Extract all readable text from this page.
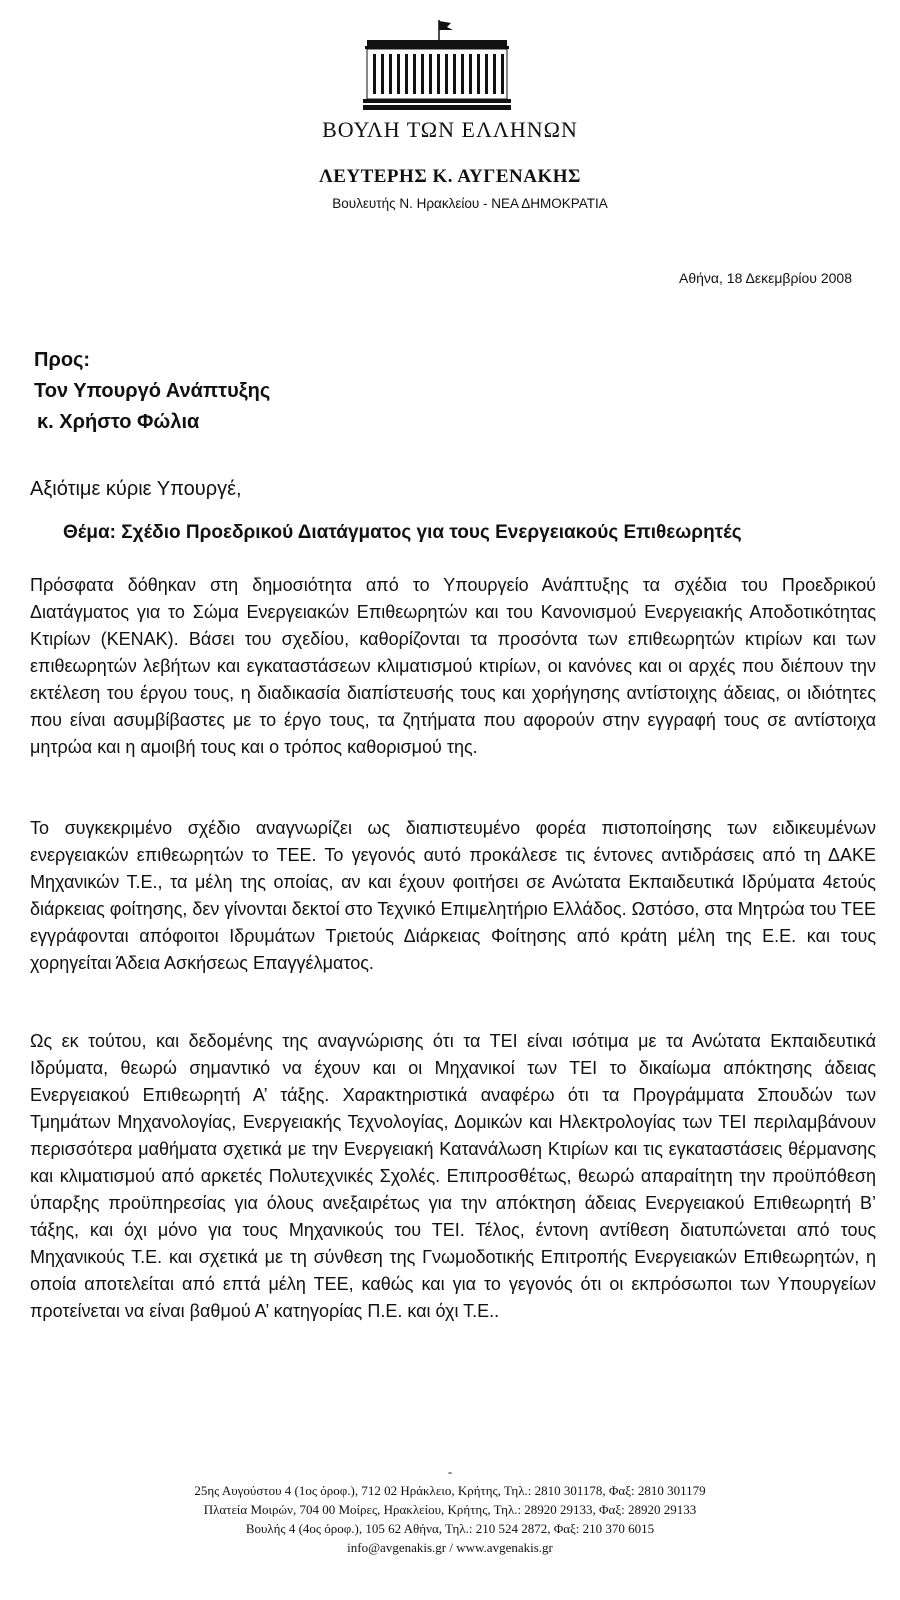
ΒΟΥΛΗ ΤΩΝ ΕΛΛΗΝΩΝ
ΛΕΥΤΕΡΗΣ Κ. ΑΥΓΕΝΑΚΗΣ
Βουλευτής Ν. Ηρακλείου - ΝΕΑ ΔΗΜΟΚΡΑΤΙΑ
Αθήνα, 18 Δεκεμβρίου 2008
Προς:
Τον Υπουργό Ανάπτυξης
κ. Χρήστο Φώλια
Αξιότιμε κύριε Υπουργέ,
Θέμα: Σχέδιο Προεδρικού Διατάγματος για τους Ενεργειακούς Επιθεωρητές
Πρόσφατα δόθηκαν στη δημοσιότητα από το Υπουργείο Ανάπτυξης τα σχέδια του Προεδρικού Διατάγματος για το Σώμα Ενεργειακών Επιθεωρητών και του Κανονισμού Ενεργειακής Αποδοτικότητας Κτιρίων (ΚΕΝΑΚ). Βάσει του σχεδίου, καθορίζονται τα προσόντα των επιθεωρητών κτιρίων και των επιθεωρητών λεβήτων και εγκαταστάσεων κλιματισμού κτιρίων, οι κανόνες και οι αρχές που διέπουν την εκτέλεση του έργου τους, η διαδικασία διαπίστευσής τους και χορήγησης αντίστοιχης άδειας, οι ιδιότητες που είναι ασυμβίβαστες με το έργο τους, τα ζητήματα που αφορούν στην εγγραφή τους σε αντίστοιχα μητρώα και η αμοιβή τους και ο τρόπος καθορισμού της.
Το συγκεκριμένο σχέδιο αναγνωρίζει ως διαπιστευμένο φορέα πιστοποίησης των ειδικευμένων ενεργειακών επιθεωρητών το ΤΕΕ. Το γεγονός αυτό προκάλεσε τις έντονες αντιδράσεις από τη ΔΑΚΕ Μηχανικών Τ.Ε., τα μέλη της οποίας, αν και έχουν φοιτήσει σε Ανώτατα Εκπαιδευτικά Ιδρύματα 4ετούς διάρκειας φοίτησης, δεν γίνονται δεκτοί στο Τεχνικό Επιμελητήριο Ελλάδος. Ωστόσο, στα Μητρώα του ΤΕΕ εγγράφονται απόφοιτοι Ιδρυμάτων Τριετούς Διάρκειας Φοίτησης από κράτη μέλη της Ε.Ε. και τους χορηγείται Άδεια Ασκήσεως Επαγγέλματος.
Ως εκ τούτου, και δεδομένης της αναγνώρισης ότι τα ΤΕΙ είναι ισότιμα με τα Ανώτατα Εκπαιδευτικά Ιδρύματα, θεωρώ σημαντικό να έχουν και οι Μηχανικοί των ΤΕΙ το δικαίωμα απόκτησης άδειας Ενεργειακού Επιθεωρητή Α’ τάξης. Χαρακτηριστικά αναφέρω ότι τα Προγράμματα Σπουδών των Τμημάτων Μηχανολογίας, Ενεργειακής Τεχνολογίας, Δομικών και Ηλεκτρολογίας των ΤΕΙ περιλαμβάνουν περισσότερα μαθήματα σχετικά με την Ενεργειακή Κατανάλωση Κτιρίων και τις εγκαταστάσεις θέρμανσης και κλιματισμού από αρκετές Πολυτεχνικές Σχολές. Επιπροσθέτως, θεωρώ απαραίτητη την προϋπόθεση ύπαρξης προϋπηρεσίας για όλους ανεξαιρέτως για την απόκτηση άδειας Ενεργειακού Επιθεωρητή Β’ τάξης, και όχι μόνο για τους Μηχανικούς του ΤΕΙ. Τέλος, έντονη αντίθεση διατυπώνεται από τους Μηχανικούς Τ.Ε. και σχετικά με τη σύνθεση της Γνωμοδοτικής Επιτροπής Ενεργειακών Επιθεωρητών, η οποία αποτελείται από επτά μέλη ΤΕΕ, καθώς και για το γεγονός ότι οι εκπρόσωποι των Υπουργείων προτείνεται να είναι βαθμού Α’ κατηγορίας Π.Ε. και όχι Τ.Ε..
-
25ης Αυγούστου 4 (1ος όροφ.), 712 02 Ηράκλειο, Κρήτης, Τηλ.: 2810 301178, Φαξ: 2810 301179
Πλατεία Μοιρών, 704 00 Μοίρες, Ηρακλείου, Κρήτης, Τηλ.: 28920 29133, Φαξ: 28920 29133
Βουλής 4 (4ος όροφ.), 105 62 Αθήνα, Τηλ.: 210 524 2872, Φαξ: 210 370 6015
info@avgenakis.gr / www.avgenakis.gr
